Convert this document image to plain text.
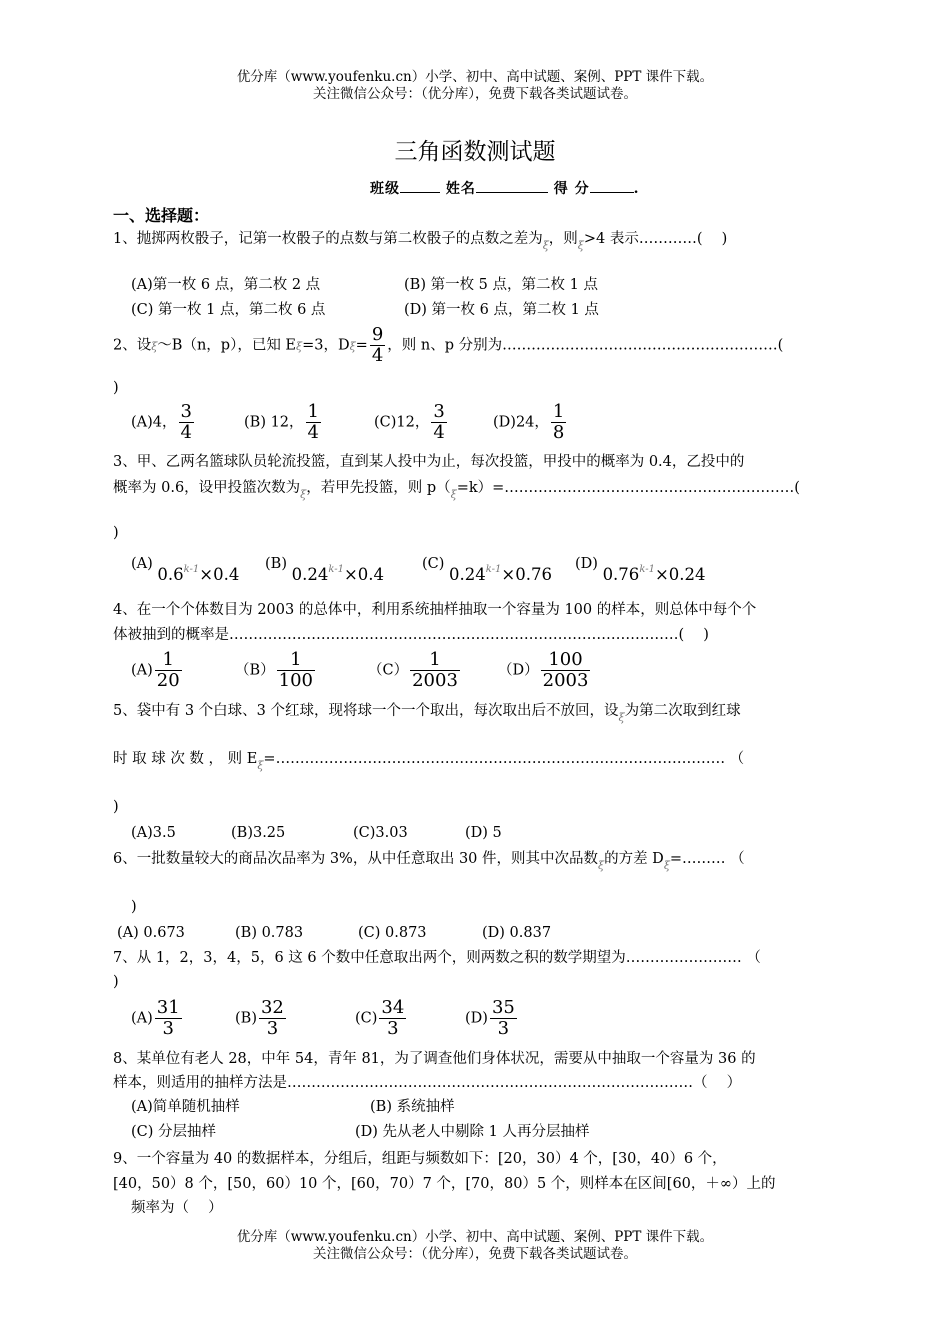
优分库（www.youfenku.cn）小学、初中、高中试题、案例、PPT 课件下载。
关注微信公众号：（优分库），免费下载各类试题试卷。
三角函数测试题
班级	姓名	得 分	.
一、选择题：
1、抛掷两枚骰子，记第一枚骰子的点数与第二枚骰子的点数之差为$_\xi$，则$_\xi$>4 表示…………(　 )
(A)第一枚 6 点，第二枚 2 点	(B) 第一枚 5 点，第二枚 1 点
(C) 第一枚 1 点，第二枚 6 点	(D) 第一枚 6 点，第二枚 1 点
2、设ξ～B（n，p），已知 Eξ=3，$D\xi= \frac{9}{4}$ ，则 n、p 分别为…………………………………………………(
)
(A)4， $\frac{3}{4}$	(B) 12， $\frac{1}{4}$	(C)12， $\frac{3}{4}$	(D)24， $\frac{1}{8}$
3、甲、乙两名篮球队员轮流投篮，直到某人投中为止，每次投篮，甲投中的概率为 0.4，乙投中的
概率为 0.6，设甲投篮次数为$_\xi$，若甲先投篮，则 $p(_\xi=k)=\dots\dots\dots\dots\dots\dots\dots\dots\dots\dots\dots\dots\dots\dots\dots\dots\dots\dots\dots\dots$(
)
(A) $0.6^{k-1}\times 0.4$
(B) $0.24^{k-1}\times 0.4$
(C) $0.24^{k-1}\times 0.76$
(D) $0.76^{k-1}\times 0.24$
4、在一个个体数目为 2003 的总体中，利用系统抽样抽取一个容量为 100 的样本，则总体中每个个
体被抽到的概率是…………………………………………………………………………………(　 )
$(A) \frac{1}{20}$	$(B) \frac{1}{100}$	$(C) \frac{1}{2003}$	$(D) \frac{100}{2003}$
5、袋中有 3 个白球、3 个红球，现将球一个一个取出，每次取出后不放回，设$_\xi$为第二次取到红球
时 取 球 次 数 ， 则 $E_\xi=\dots\dots\dots\dots\dots\dots\dots\dots\dots\dots\dots\dots\dots\dots\dots\dots\dots\dots\dots\dots\dots\dots\dots\dots\dots\dots\dots\dots\dots\dots\dots$ （
)
(A)3.5	(B)3.25	(C)3.03	(D) 5
6、一批数量较大的商品次品率为 3%，从中任意取出 30 件，则其中次品数$_\xi$的方差 $D_\xi=\dots\dots\dots$ （
)
(A) 0.673	(B) 0.783	(C) 0.873	(D) 0.837
7、从 1，2，3，4，5，6 这 6 个数中任意取出两个，则两数之积的数学期望为…………………… （
)
$(A) \frac{31}{3}$	$(B) \frac{32}{3}$	$(C) \frac{34}{3}$	$(D) \frac{35}{3}$
8、某单位有老人 28，中年 54，青年 81，为了调查他们身体状况，需要从中抽取一个容量为 36 的
样本，则适用的抽样方法是…………………………………………………………………………（　 ）
(A)简单随机抽样	(B) 系统抽样
(C) 分层抽样	(D) 先从老人中剔除 1 人再分层抽样
9、一个容量为 40 的数据样本，分组后，组距与频数如下：[20，30）4 个，[30，40）6 个，
[40，50）8 个，[50，60）10 个，[60，70）7 个，[70，80）5 个，则样本在区间[60，＋∞）上的
频率为（　 ）
优分库（www.youfenku.cn）小学、初中、高中试题、案例、PPT 课件下载。
关注微信公众号：（优分库），免费下载各类试题试卷。
